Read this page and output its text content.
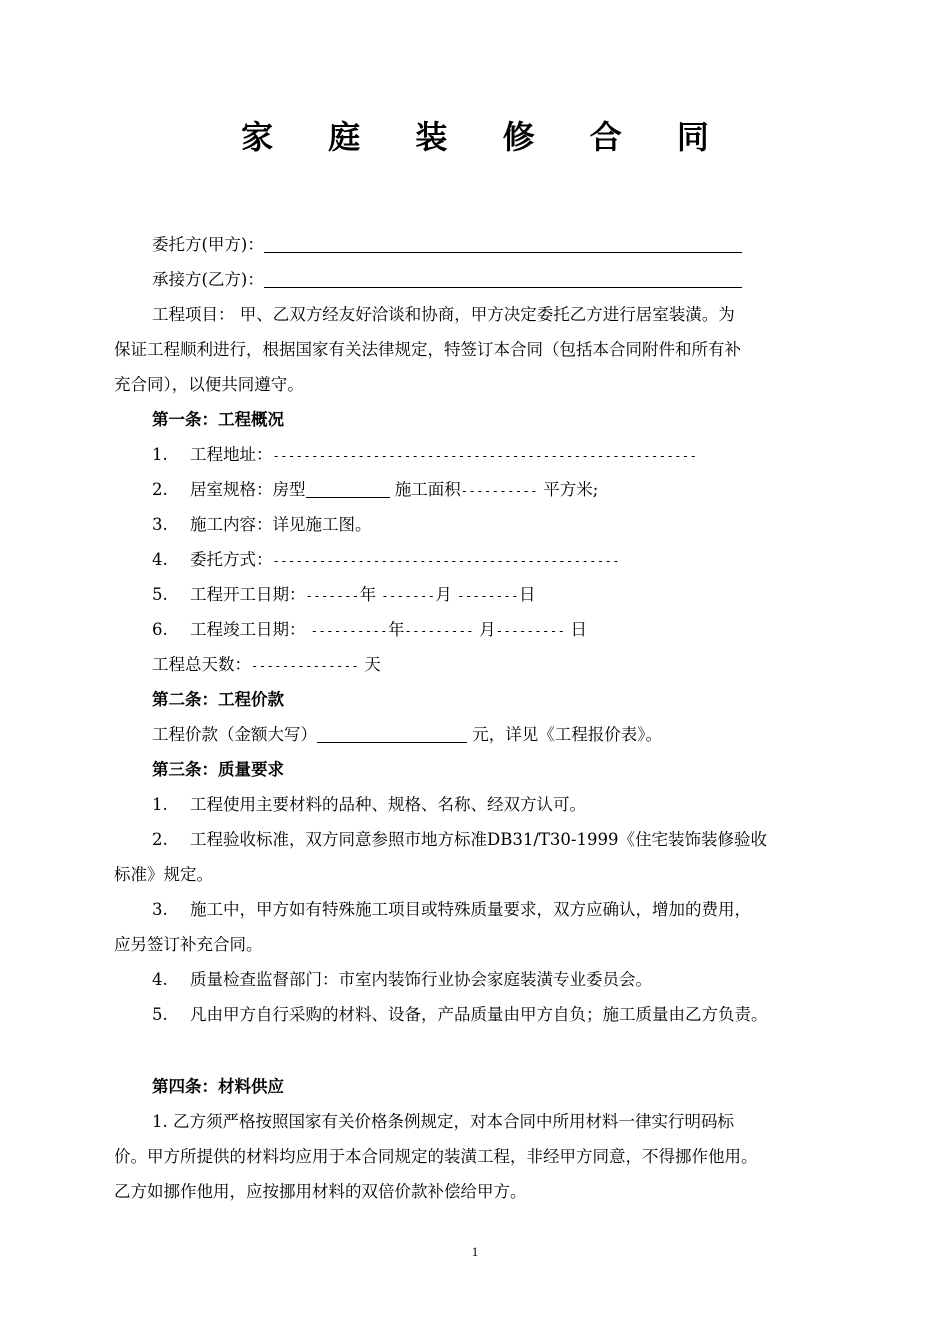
家 庭 装 修 合 同
委托方(甲方)：
承接方(乙方)：
工程项目： 甲、乙双方经友好洽谈和协商，甲方决定委托乙方进行居室装潢。为
保证工程顺利进行，根据国家有关法律规定，特签订本合同（包括本合同附件和所有补
充合同），以便共同遵守。
第一条：工程概况
1. 工程地址：-------------------------------------------------------
2. 居室规格：房型	施工面积---------- 平方米;
3. 施工内容：详见施工图。
4. 委托方式：---------------------------------------------
5. 工程开工日期：-------年 -------月 --------日
6. 工程竣工日期： ----------年--------- 月--------- 日
工程总天数：-------------- 天
第二条：工程价款
工程价款（金额大写）	元，详见《工程报价表》。
第三条：质量要求
1. 工程使用主要材料的品种、规格、名称、经双方认可。
2. 工程验收标准，双方同意参照市地方标准DB31/T30-1999《住宅装饰装修验收
标准》规定。
3. 施工中，甲方如有特殊施工项目或特殊质量要求，双方应确认，增加的费用，
应另签订补充合同。
4. 质量检查监督部门：市室内装饰行业协会家庭装潢专业委员会。
5. 凡由甲方自行采购的材料、设备，产品质量由甲方自负；施工质量由乙方负责。
第四条：材料供应
1. 乙方须严格按照国家有关价格条例规定，对本合同中所用材料一律实行明码标
价。甲方所提供的材料均应用于本合同规定的装潢工程，非经甲方同意，不得挪作他用。
乙方如挪作他用，应按挪用材料的双倍价款补偿给甲方。
1
